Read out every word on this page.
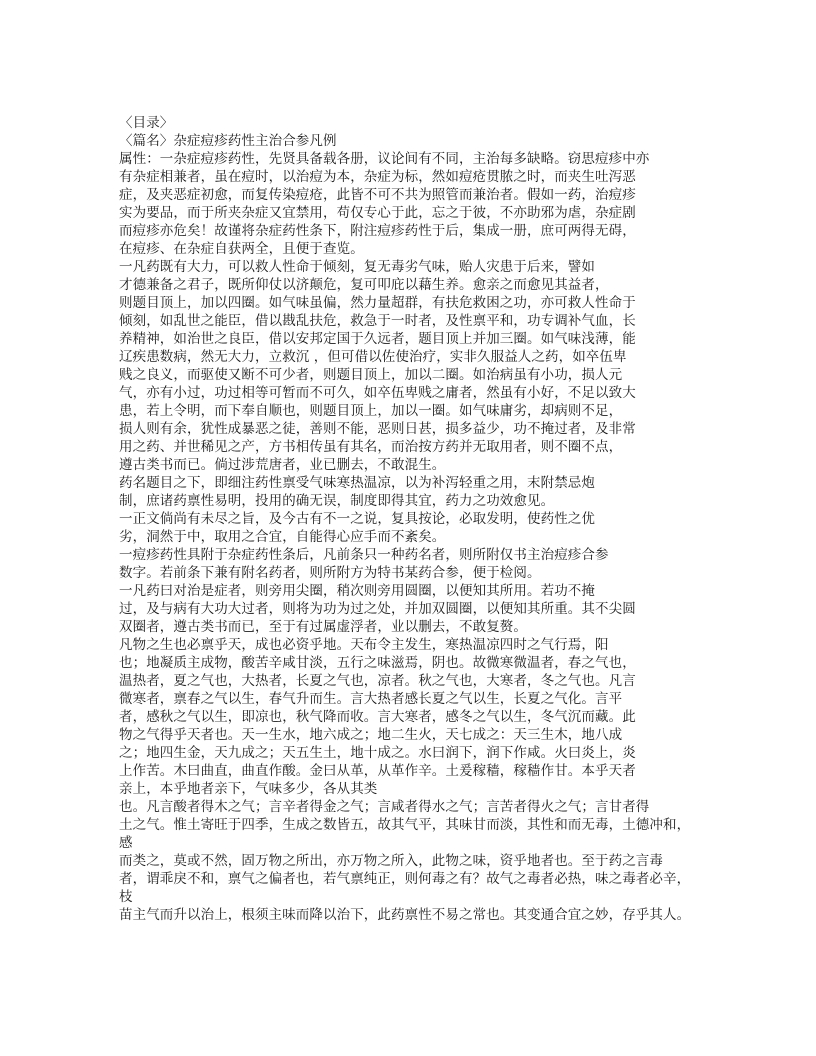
〈目录〉
〈篇名〉杂症痘疹药性主治合参凡例
属性：一杂症痘疹药性，先贤具备载各册，议论间有不同，主治每多缺略。窃思痘疹中亦
有杂症相兼者，虽在痘时，以治痘为本，杂症为标，然如痘疮贯脓之时，而夹生吐泻恶
症，及夹恶症初愈，而复传染痘疮，此皆不可不共为照管而兼治者。假如一药，治痘疹
实为要品，而于所夹杂症又宜禁用，苟仅专心于此，忘之于彼，不亦助邪为虐，杂症剧
而痘疹亦危矣！故谨将杂症药性条下，附注痘疹药性于后，集成一册，庶可两得无碍，
在痘疹、在杂症自获两全，且便于查览。
一凡药既有大力，可以救人性命于倾刻，复无毒劣气味，贻人灾患于后来，譬如
才德兼备之君子，既所仰仗以济颠危，复可叩庇以藉生养。愈亲之而愈见其益者，
则题目顶上，加以四圈。如气味虽偏，然力量超群，有扶危救困之功，亦可救人性命于
倾刻，如乱世之能臣，借以戡乱扶危，救急于一时者，及性禀平和，功专调补气血，长
养精神，如治世之良臣，借以安邦定国于久远者，题目顶上并加三圈。如气味浅薄，能
辽疾患数病，然无大力，立救沉 ，但可借以佐使治疗，实非久服益人之药，如卒伍卑
贱之良义，而驱使又断不可少者，则题目顶上，加以二圈。如治病虽有小功，损人元
气，亦有小过，功过相等可暂而不可久，如卒伍卑贱之庸者，然虽有小好，不足以致大
患，若上令明，而下奉自顺也，则题目顶上，加以一圈。如气味庸劣，却病则不足，
损人则有余，犹性成暴恶之徒，善则不能，恶则日甚，损多益少，功不掩过者，及非常
用之药、并世稀见之产，方书相传虽有其名，而治按方药并无取用者，则不圈不点，
遵古类书而已。倘过涉荒唐者，业已删去，不敢混生。
药名题目之下，即细注药性禀受气味寒热温凉，以为补泻轻重之用，末附禁忌炮
制，庶诸药禀性易明，投用的确无误，制度即得其宜，药力之功效愈见。
一正文倘尚有未尽之旨，及今古有不一之说，复具按论，必取发明，使药性之优
劣，洞然于中，取用之合宜，自能得心应手而不紊矣。
一痘疹药性具附于杂症药性条后，凡前条只一种药名者，则所附仅书主治痘疹合参
数字。若前条下兼有附名药者，则所附方为特书某药合参，便于检阅。
一凡药曰对治是症者，则旁用尖圈，稍次则旁用圆圈，以便知其所用。若功不掩
过，及与病有大功大过者，则将为功为过之处，并加双圆圈，以便知其所重。其不尖圆
双圈者，遵古类书而已，至于有过属虚浮者，业以删去，不敢复赘。
凡物之生也必禀乎天，成也必资乎地。天布令主发生，寒热温凉四时之气行焉，阳
也；地凝质主成物，酸苦辛咸甘淡，五行之味滋焉，阴也。故微寒微温者，春之气也，
温热者，夏之气也，大热者，长夏之气也，凉者。秋之气也，大寒者，冬之气也。凡言
微寒者，禀春之气以生，春气升而生。言大热者感长夏之气以生，长夏之气化。言平
者，感秋之气以生，即凉也，秋气降而收。言大寒者，感冬之气以生，冬气沉而藏。此
物之气得乎天者也。天一生水，地六成之；地二生火，天七成之：天三生木，地八成
之；地四生金，天九成之；天五生土，地十成之。水曰润下，润下作咸。火曰炎上，炎
上作苦。木曰曲直，曲直作酸。金曰从革，从革作辛。土爰稼穑，稼穑作甘。本乎天者
亲上，本乎地者亲下，气味多少，各从其类
也。凡言酸者得木之气；言辛者得金之气；言咸者得水之气；言苦者得火之气；言甘者得
土之气。惟土寄旺于四季，生成之数皆五，故其气平，其味甘而淡，其性和而无毒，土德冲和，
感
而类之，莫或不然，固万物之所出，亦万物之所入，此物之味，资乎地者也。至于药之言毒
者，谓乖戾不和，禀气之偏者也，若气禀纯正，则何毒之有？故气之毒者必热，味之毒者必辛，
枝
苗主气而升以治上，根须主味而降以治下，此药禀性不易之常也。其变通合宜之妙，存乎其人。
